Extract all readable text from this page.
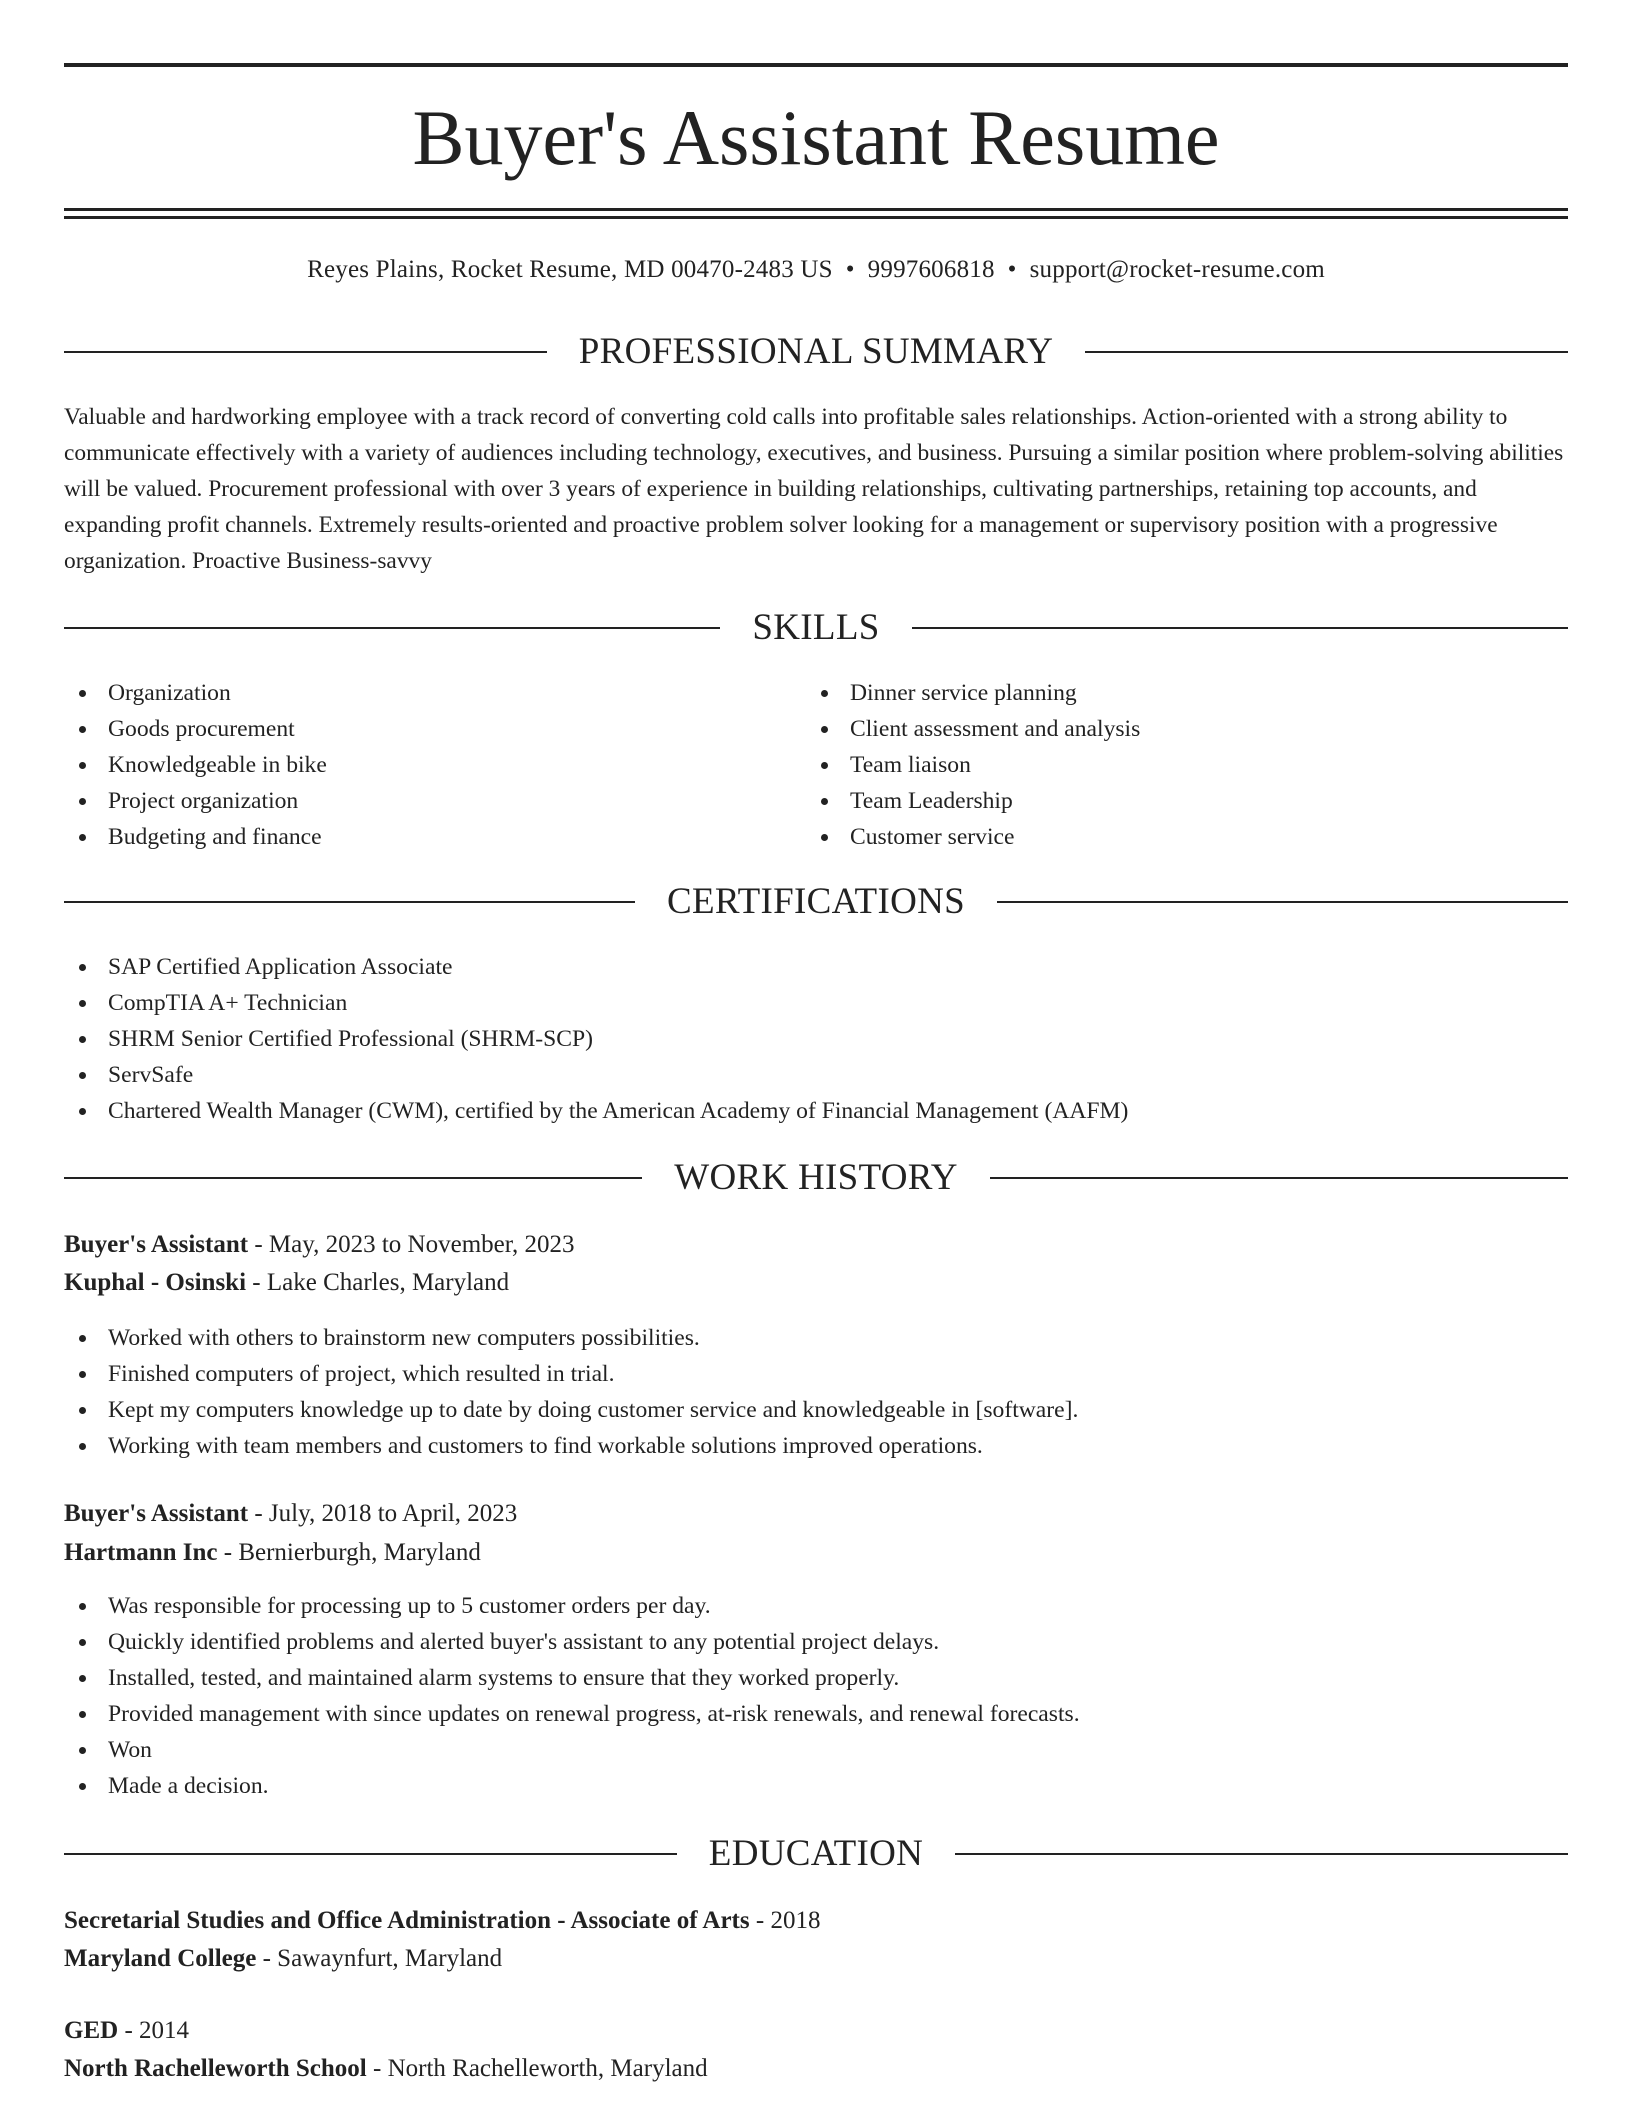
Buyer's Assistant Resume
Reyes Plains, Rocket Resume, MD 00470-2483 US • 9997606818 • support@rocket-resume.com
PROFESSIONAL SUMMARY

Valuable and hardworking employee with a track record of converting cold calls into profitable sales relationships. Action-oriented with a strong ability to communicate effectively with a variety of audiences including technology, executives, and business. Pursuing a similar position where problem-solving abilities will be valued. Procurement professional with over 3 years of experience in building relationships, cultivating partnerships, retaining top accounts, and expanding profit channels. Extremely results-oriented and proactive problem solver looking for a management or supervisory position with a progressive organization. Proactive Business-savvy

SKILLS
Organization
Goods procurement
Knowledgeable in bike
Project organization
Budgeting and finance
Dinner service planning
Client assessment and analysis
Team liaison
Team Leadership
Customer service
CERTIFICATIONS
SAP Certified Application Associate
CompTIA A+ Technician
SHRM Senior Certified Professional (SHRM-SCP)
ServSafe
Chartered Wealth Manager (CWM), certified by the American Academy of Financial Management (AAFM)
WORK HISTORY
Buyer's Assistant - May, 2023 to November, 2023
Kuphal - Osinski - Lake Charles, Maryland
Worked with others to brainstorm new computers possibilities.
Finished computers of project, which resulted in trial.
Kept my computers knowledge up to date by doing customer service and knowledgeable in [software].
Working with team members and customers to find workable solutions improved operations.
Buyer's Assistant - July, 2018 to April, 2023
Hartmann Inc - Bernierburgh, Maryland
Was responsible for processing up to 5 customer orders per day.
Quickly identified problems and alerted buyer's assistant to any potential project delays.
Installed, tested, and maintained alarm systems to ensure that they worked properly.
Provided management with since updates on renewal progress, at-risk renewals, and renewal forecasts.
Won
Made a decision.
EDUCATION
Secretarial Studies and Office Administration - Associate of Arts - 2018
Maryland College - Sawaynfurt, Maryland
GED - 2014
North Rachelleworth School - North Rachelleworth, Maryland
